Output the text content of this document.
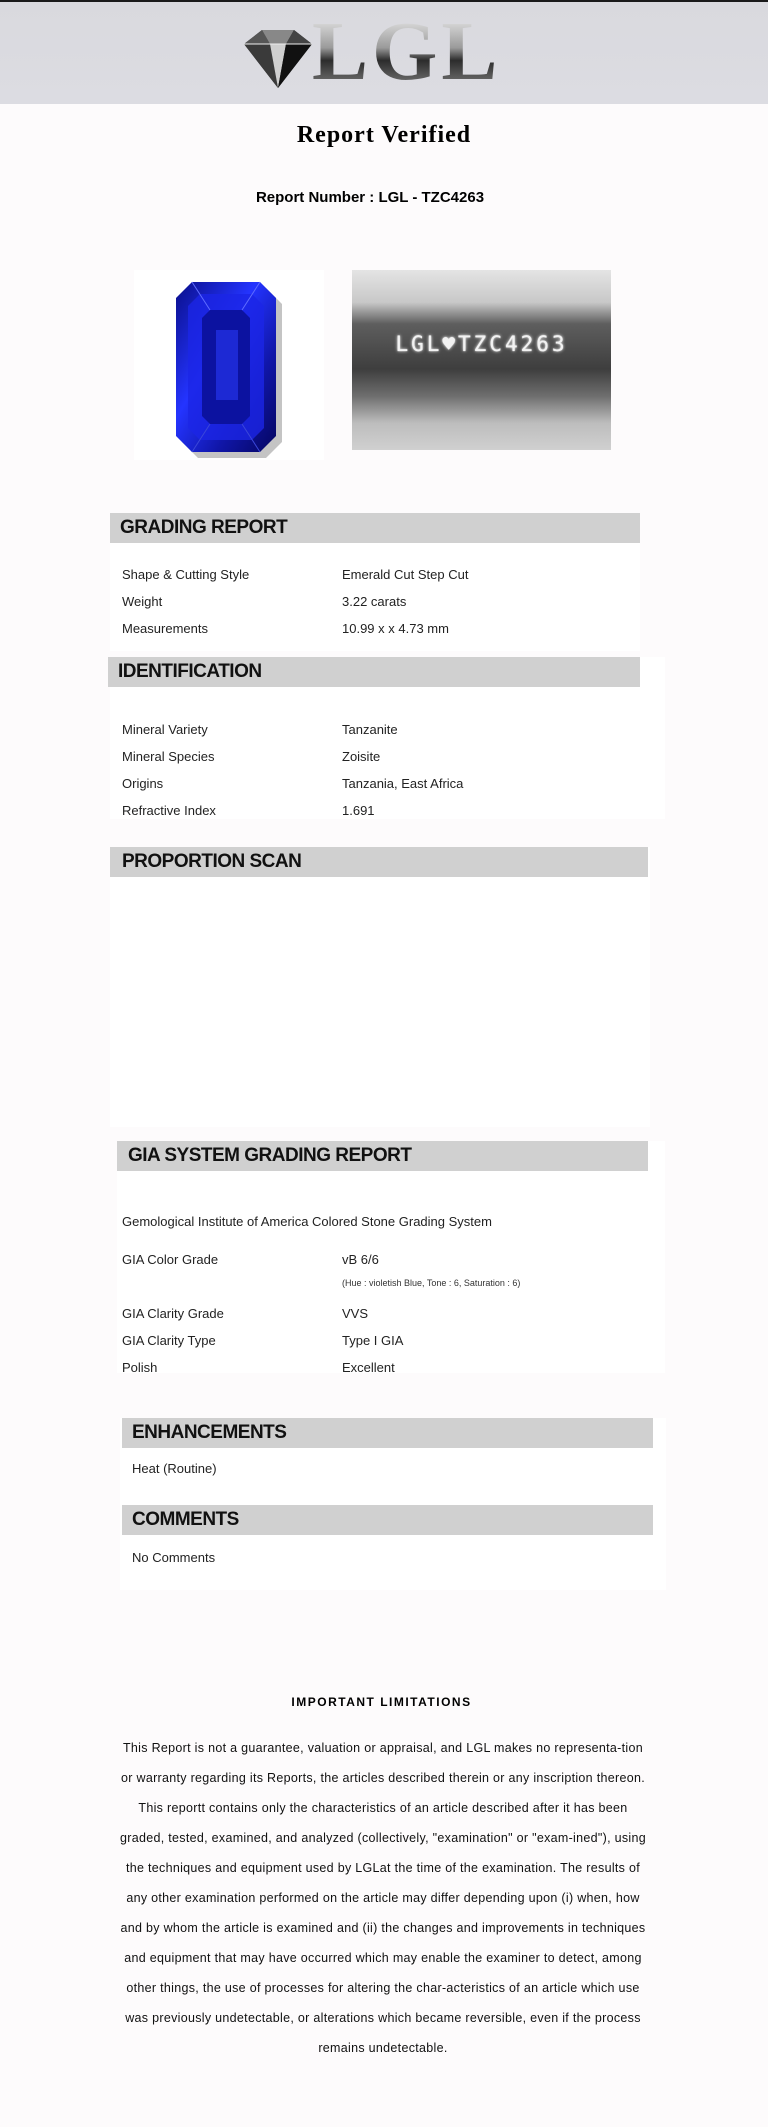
LGL
Report Verified
Report Number : LGL - TZC4263
LGL♥TZC4263
GRADING REPORT
Shape & Cutting Style	Emerald Cut Step Cut
Weight	3.22 carats
Measurements	10.99 x x 4.73 mm
IDENTIFICATION
Mineral Variety	Tanzanite
Mineral Species	Zoisite
Origins	Tanzania, East Africa
Refractive Index	1.691
PROPORTION SCAN
GIA SYSTEM GRADING REPORT
Gemological Institute of America Colored Stone Grading System
GIA Color Grade	vB 6/6
(Hue : violetish Blue, Tone : 6, Saturation : 6)
GIA Clarity Grade	VVS
GIA Clarity Type	Type I GIA
Polish	Excellent
ENHANCEMENTS
Heat (Routine)
COMMENTS
No Comments
IMPORTANT LIMITATIONS
This Report is not a guarantee, valuation or appraisal, and LGL makes no representa-tion or warranty regarding its Reports, the articles described therein or any inscription thereon. This reportt contains only the characteristics of an article described after it has been graded, tested, examined, and analyzed (collectively, "examination" or "exam-ined"), using the techniques and equipment used by LGLat the time of the examination. The results of any other examination performed on the article may differ depending upon (i) when, how and by whom the article is examined and (ii) the changes and improvements in techniques and equipment that may have occurred which may enable the examiner to detect, among other things, the use of processes for altering the char-acteristics of an article which use was previously undetectable, or alterations which became reversible, even if the process remains undetectable.
